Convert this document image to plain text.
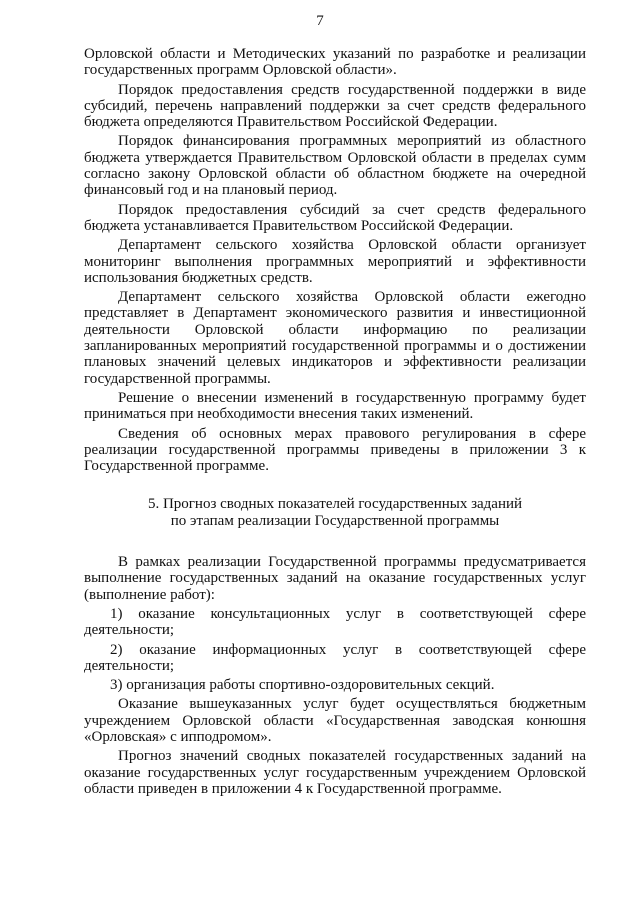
7

Орловской области и Методических указаний по разработке и реализации государственных программ Орловской области».

Порядок предоставления средств государственной поддержки в виде субсидий, перечень направлений поддержки за счет средств федерального бюджета определяются Правительством Российской Федерации.

Порядок финансирования программных мероприятий из областного бюджета утверждается Правительством Орловской области в пределах сумм согласно закону Орловской области об областном бюджете на очередной финансовый год и на плановый период.

Порядок предоставления субсидий за счет средств федерального бюджета устанавливается Правительством Российской Федерации.

Департамент сельского хозяйства Орловской области организует мониторинг выполнения программных мероприятий и эффективности использования бюджетных средств.

Департамент сельского хозяйства Орловской области ежегодно представляет в Департамент экономического развития и инвестиционной деятельности Орловской области информацию по реализации запланированных мероприятий государственной программы и о достижении плановых значений целевых индикаторов и эффективности реализации государственной программы.

Решение о внесении изменений в государственную программу будет приниматься при необходимости внесения таких изменений.

Сведения об основных мерах правового регулирования в сфере реализации государственной программы приведены в приложении 3 к Государственной программе.

5. Прогноз сводных показателей государственных заданий
по этапам реализации Государственной программы

В рамках реализации Государственной программы предусматривается выполнение государственных заданий на оказание государственных услуг (выполнение работ):

1) оказание консультационных услуг в соответствующей сфере деятельности;

2) оказание информационных услуг в соответствующей сфере деятельности;

3) организация работы спортивно-оздоровительных секций.

Оказание вышеуказанных услуг будет осуществляться бюджетным учреждением Орловской области «Государственная заводская конюшня «Орловская» с ипподромом».

Прогноз значений сводных показателей государственных заданий на оказание государственных услуг государственным учреждением Орловской области приведен в приложении 4 к Государственной программе.
